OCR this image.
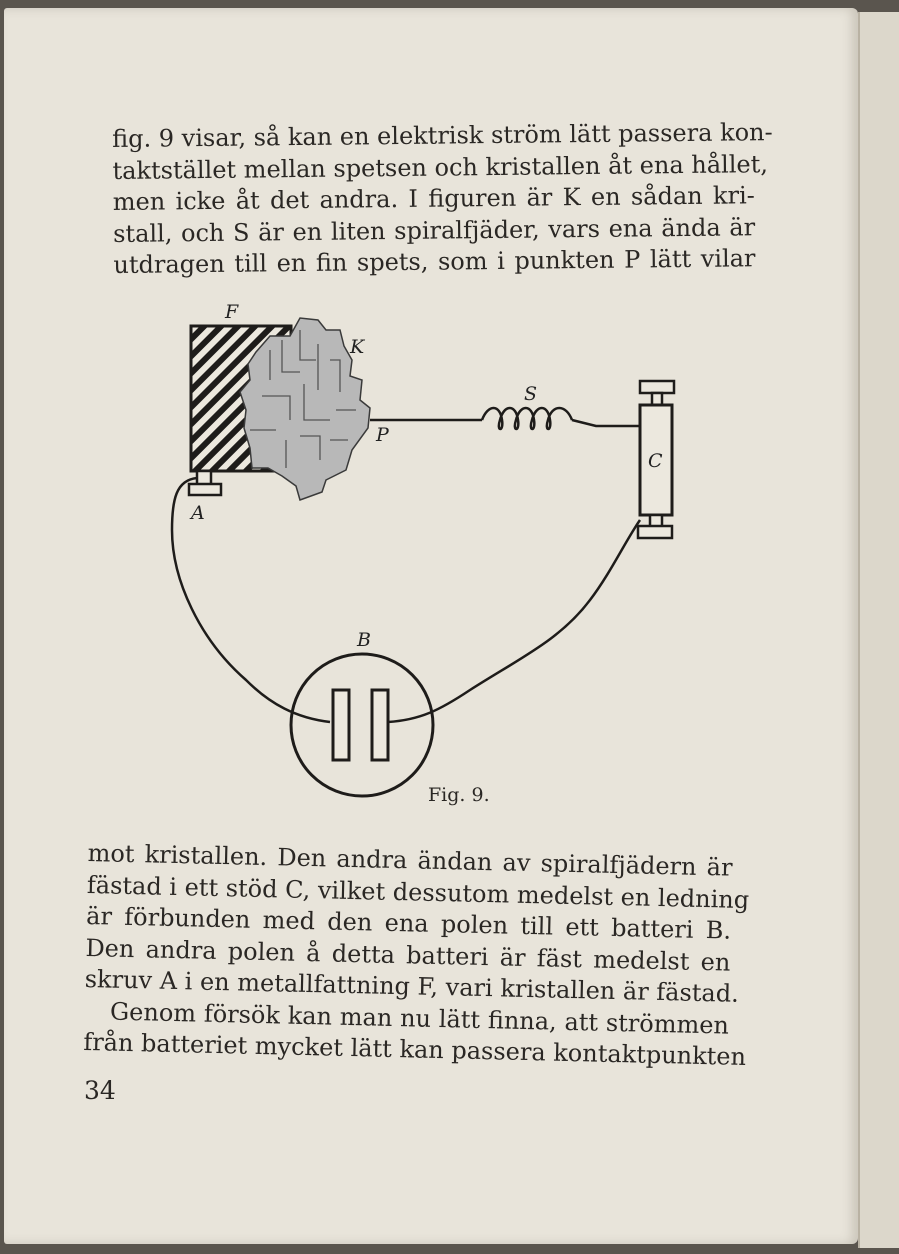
fig. 9 visar, så kan en elektrisk ström lätt passera kon-
taktstället mellan spetsen och kristallen åt ena hållet,
men icke åt det andra. I figuren är K en sådan kri-
stall, och S är en liten spiralfjäder, vars ena ända är
utdragen till en fin spets, som i punkten P lätt vilar
F
K
S
P
C
A
B
Fig. 9.
mot kristallen. Den andra ändan av spiralfjädern är
fästad i ett stöd C, vilket dessutom medelst en ledning
är förbunden med den ena polen till ett batteri B.
Den andra polen å detta batteri är fäst medelst en
skruv A i en metallfattning F, vari kristallen är fästad.
Genom försök kan man nu lätt finna, att strömmen
från batteriet mycket lätt kan passera kontaktpunkten
34
